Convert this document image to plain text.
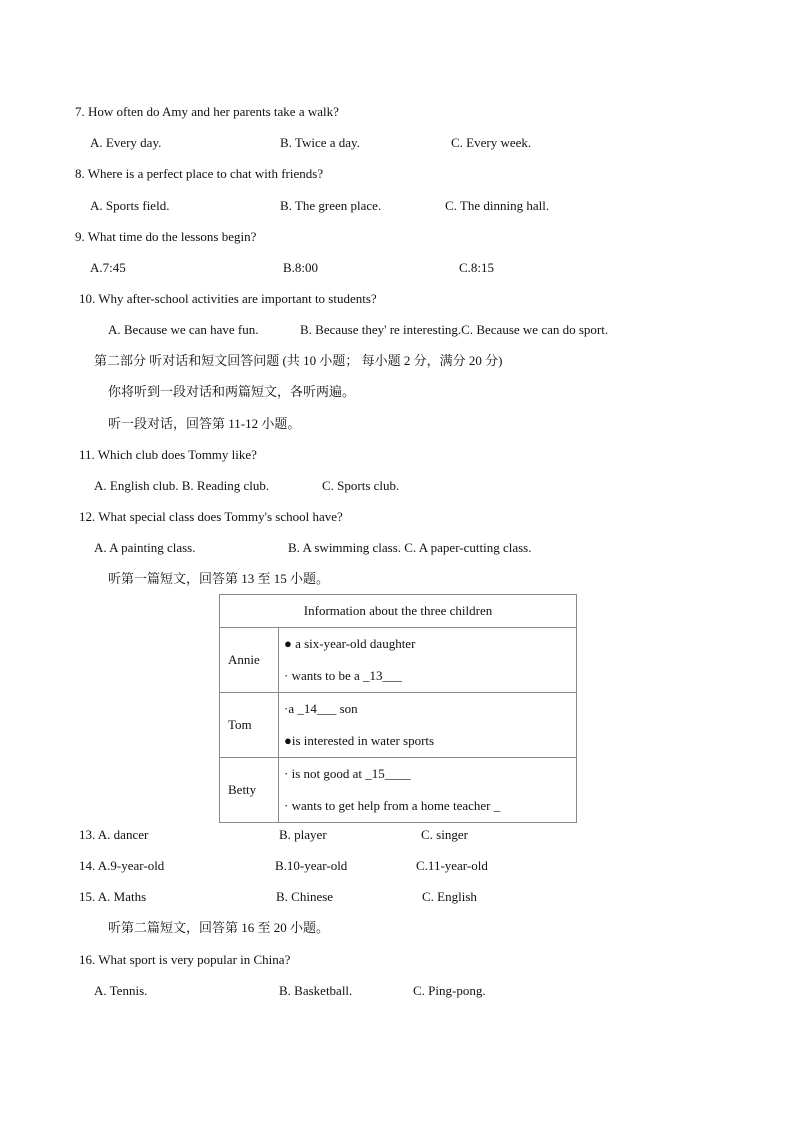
7. How often do Amy and her parents take a walk?
A. Every day.	B. Twice a day.	C. Every week.
8. Where is a perfect place to chat with friends?
A. Sports field.	B. The green place.	C. The dinning hall.
9. What time do the lessons begin?
A.7:45	B.8:00	C.8:15
10. Why after-school activities are important to students?
A. Because we can have fun.	B. Because they' re interesting.C. Because we can do sport.
第二部分 听对话和短文回答问题 (共 10 小题； 每小题 2 分，满分 20 分)
你将听到一段对话和两篇短文，各听两遍。
听一段对话，回答第 11-12 小题。
11. Which club does Tommy like?
A. English club. B. Reading club.	C. Sports club.
12. What special class does Tommy's school have?
A. A painting class.	B. A swimming class. C. A paper-cutting class.
听第一篇短文，回答第 13 至 15 小题。
Information about the three children	
Annie	● a six-year-old daughter
· wants to be a _13___

Tom	·a _14___ son
●is interested in water sports

Betty	· is not good at _15____
· wants to get help from a home teacher _
13. A. dancer	B. player	C. singer
14. A.9-year-old	B.10-year-old	C.11-year-old
15. A. Maths	B. Chinese	C. English
听第二篇短文，回答第 16 至 20 小题。
16. What sport is very popular in China?
A. Tennis.	B. Basketball.	C. Ping-pong.
